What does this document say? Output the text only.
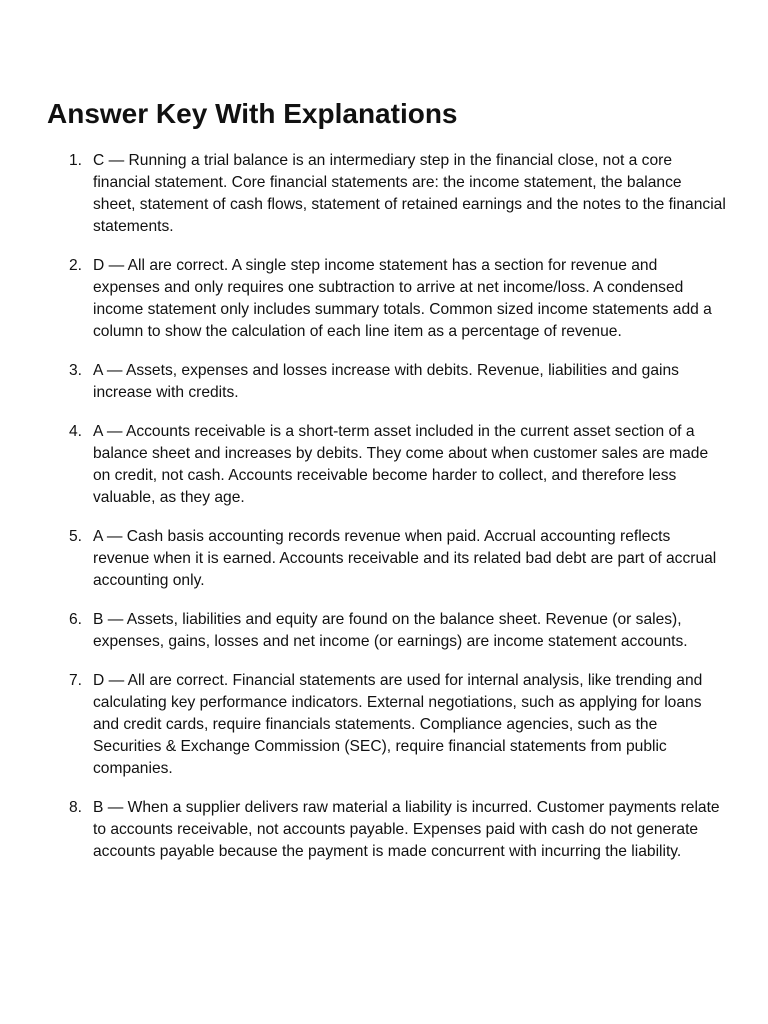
Answer Key With Explanations
1. C — Running a trial balance is an intermediary step in the financial close, not a core financial statement. Core financial statements are: the income statement, the balance sheet, statement of cash flows, statement of retained earnings and the notes to the financial statements.
2. D — All are correct. A single step income statement has a section for revenue and expenses and only requires one subtraction to arrive at net income/loss. A condensed income statement only includes summary totals. Common sized income statements add a column to show the calculation of each line item as a percentage of revenue.
3. A — Assets, expenses and losses increase with debits. Revenue, liabilities and gains increase with credits.
4. A — Accounts receivable is a short-term asset included in the current asset section of a balance sheet and increases by debits. They come about when customer sales are made on credit, not cash. Accounts receivable become harder to collect, and therefore less valuable, as they age.
5. A — Cash basis accounting records revenue when paid. Accrual accounting reflects revenue when it is earned. Accounts receivable and its related bad debt are part of accrual accounting only.
6. B — Assets, liabilities and equity are found on the balance sheet. Revenue (or sales), expenses, gains, losses and net income (or earnings) are income statement accounts.
7. D — All are correct. Financial statements are used for internal analysis, like trending and calculating key performance indicators. External negotiations, such as applying for loans and credit cards, require financials statements. Compliance agencies, such as the Securities & Exchange Commission (SEC), require financial statements from public companies.
8. B — When a supplier delivers raw material a liability is incurred. Customer payments relate to accounts receivable, not accounts payable. Expenses paid with cash do not generate accounts payable because the payment is made concurrent with incurring the liability.
